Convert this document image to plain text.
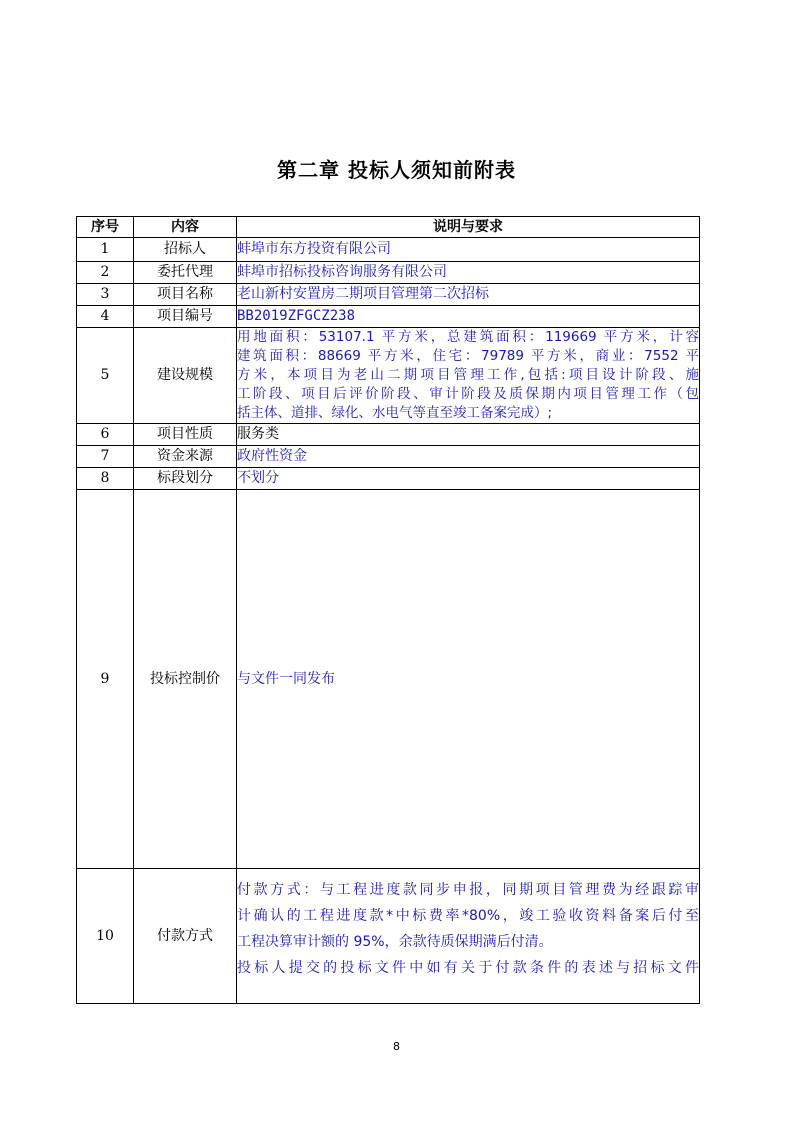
第二章 投标人须知前附表
序号	内容	说明与要求
1	招标人	蚌埠市东方投资有限公司

2	委托代理	蚌埠市招标投标咨询服务有限公司

3	项目名称	老山新村安置房二期项目管理第二次招标

4	项目编号	BB2019ZFGCZ238

5	建设规模	用地面积：53107.1 平方米，总建筑面积：119669 平方米，计容
建筑面积：88669 平方米，住宅：79789 平方米，商业：7552 平
方米，本项目为老山二期项目管理工作,包括:项目设计阶段、施
工阶段、项目后评价阶段、审计阶段及质保期内项目管理工作（包
括主体、道排、绿化、水电气等直至竣工备案完成）;

6	项目性质	服务类

7	资金来源	政府性资金

8	标段划分	不划分

9	投标控制价	与文件一同发布

10	付款方式	付款方式：与工程进度款同步申报，同期项目管理费为经跟踪审
计确认的工程进度款*中标费率*80%，竣工验收资料备案后付至
工程决算审计额的 95%，余款待质保期满后付清。
投标人提交的投标文件中如有关于付款条件的表述与招标文件
8
